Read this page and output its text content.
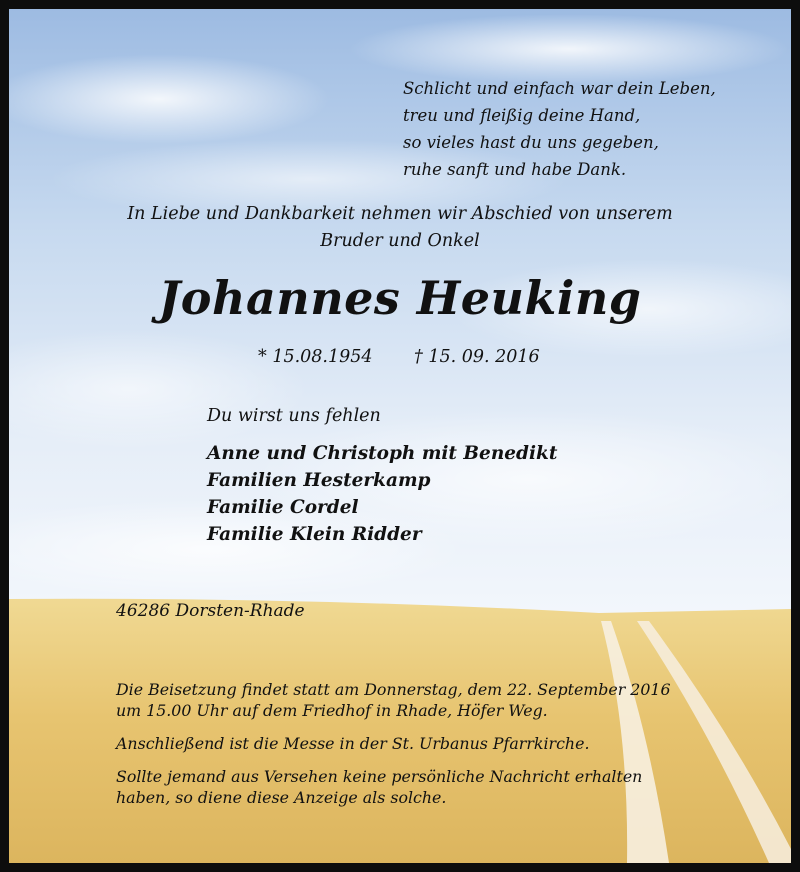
Schlicht und einfach war dein Leben,
treu und fleißig deine Hand,
so vieles hast du uns gegeben,
ruhe sanft und habe Dank.
In Liebe und Dankbarkeit nehmen wir Abschied von unserem
Bruder und Onkel
Johannes Heuking
* 15.08.1954 † 15. 09. 2016
Du wirst uns fehlen
Anne und Christoph mit Benedikt
Familien Hesterkamp
Familie Cordel
Familie Klein Ridder
46286 Dorsten-Rhade

Die Beisetzung findet statt am Donnerstag, dem 22. September 2016
um 15.00 Uhr auf dem Friedhof in Rhade, Höfer Weg.

Anschließend ist die Messe in der St. Urbanus Pfarrkirche.

Sollte jemand aus Versehen keine persönliche Nachricht erhalten
haben, so diene diese Anzeige als solche.
